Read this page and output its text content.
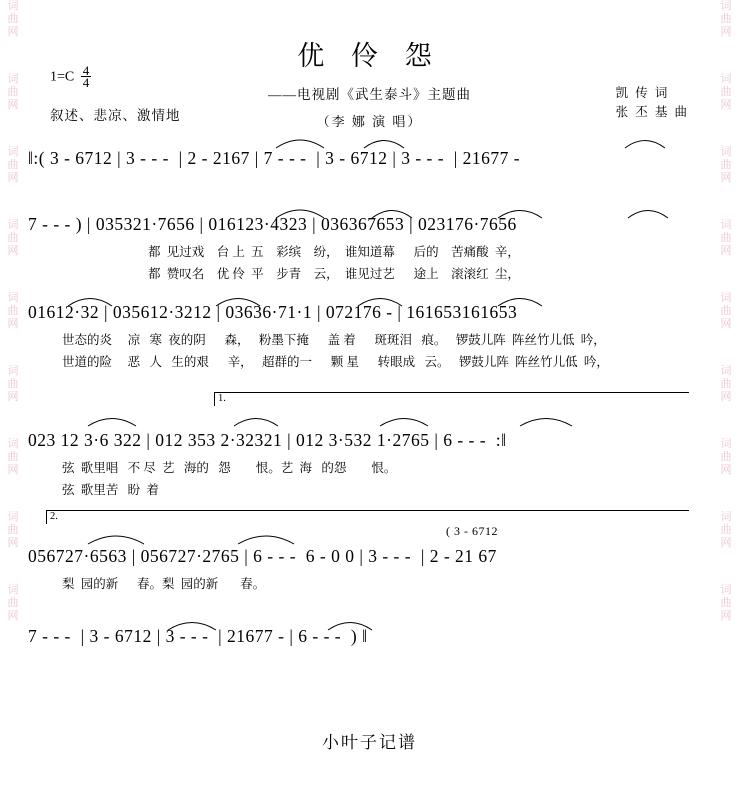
词
曲
网
词
曲
网
词
曲
网
词
曲
网
词
曲
网
词
曲
网
词
曲
网
词
曲
网
词
曲
网
词
曲
网
词
曲
网
词
曲
网
词
曲
网
词
曲
网
词
曲
网
词
曲
网
词
曲
网
词
曲
网
优 伶 怨
——电视剧《武生泰斗》主题曲
（李 娜 演 唱）
$1=C \frac{4}{4}$
叙述、悲凉、激情地
凯 传 词
张 丕 基 曲
‖:( 3 - 6712 | 3 - - -  | 2 - 2167 | 7 - - -  | 3 - 6712 | 3 - - -  | 21677 -
7 - - - ) | 035321·7656 | 016123·4323 | 036367653 | 023176·7656
都  见过戏    台 上  五    彩缤    纷，  谁知道幕      后的    苦痛酸  辛，
都  赞叹名    优 伶  平    步青    云，  谁见过艺      途上    滚滚红  尘，
01612·32 | 035612·3212 | 03636·71·1 | 072176 - | 161653161653
世态的炎     凉   寒  夜的阴      森，   粉墨下掩      盖 着      斑斑泪   痕。   锣鼓儿阵  阵丝竹儿低  吟，
世道的险     恶   人   生的艰      辛，   超群的一      颗 星      转眼成   云。   锣鼓儿阵  阵丝竹儿低  吟，
1.
023 12 3·6 322 | 012 353 2·32321 | 012 3·532 1·2765 | 6 - - -  :‖
弦  歌里唱   不 尽  艺   海的   怨        恨。艺  海   的怨        恨。
弦  歌里苦   盼  着
2.
056727·6563 | 056727·2765 | 6 - - -  6 - 0 0 | 3 - - -  | 2 - 21 67
( 3 - 6712
梨  园的新      春。梨  园的新       春。
7 - - -  | 3 - 6712 | 3 - - -  | 21677 - | 6 - - -  ) ‖
小叶子记谱
